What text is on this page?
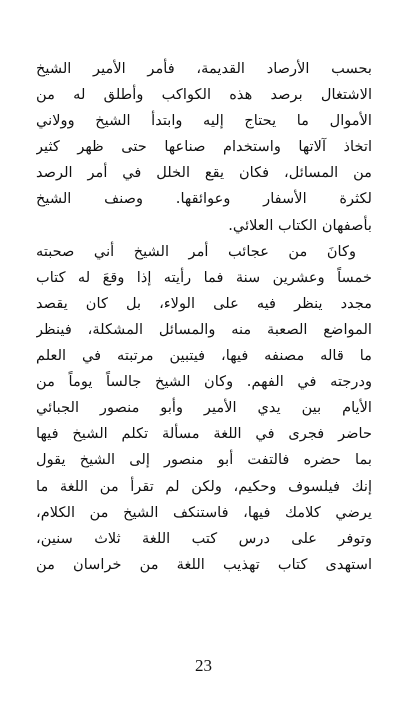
بحسب الأرصاد القديمة، فأمر الأمير الشيخ
الاشتغال برصد هذه الكواكب وأطلق له من
الأموال ما يحتاج إليه وابتدأ الشيخ وولاني
اتخاذ آلاتها واستخدام صناعها حتى ظهر كثير
من المسائل، فكان يقع الخلل في أمر الرصد
لكثرة الأسفار وعوائقها. وصنف الشيخ
بأصفهان الكتاب العلائي.
وكانَ من عجائب أمر الشيخ أني صحبته
خمساً وعشرين سنة فما رأيته إذا وقعَ له كتاب
مجدد ينظر فيه على الولاء، بل كان يقصد
المواضع الصعبة منه والمسائل المشكلة، فينظر
ما قاله مصنفه فيها، فيتبين مرتبته في العلم
ودرجته في الفهم. وكان الشيخ جالساً يوماً من
الأيام بين يدي الأمير وأبو منصور الجبائي
حاضر فجرى في اللغة مسألة تكلم الشيخ فيها
بما حضره فالتفت أبو منصور إلى الشيخ يقول
إنك فيلسوف وحكيم، ولكن لم تقرأ من اللغة ما
يرضي كلامك فيها، فاستنكف الشيخ من الكلام،
وتوفر على درس كتب اللغة ثلاث سنين،
استهدى كتاب تهذيب اللغة من خراسان من
23
